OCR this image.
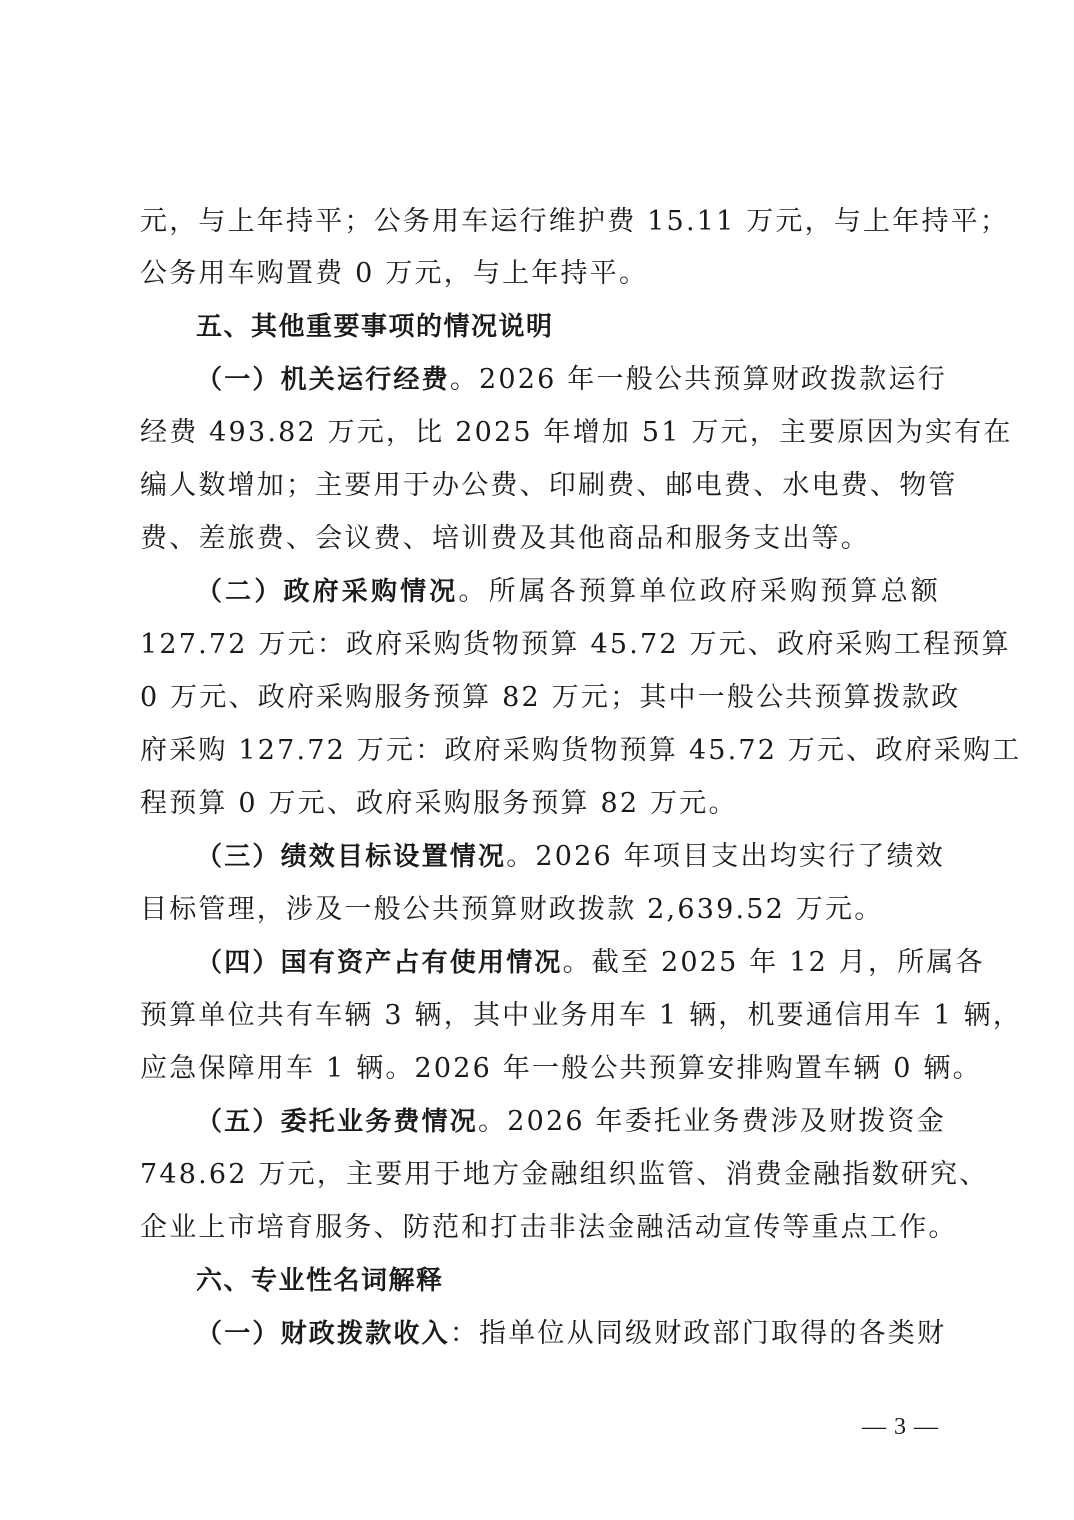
元，与上年持平；公务用车运行维护费 15.11 万元，与上年持平；
公务用车购置费 0 万元，与上年持平。
五、其他重要事项的情况说明
（一）机关运行经费。2026 年一般公共预算财政拨款运行
经费 493.82 万元，比 2025 年增加 51 万元，主要原因为实有在
编人数增加；主要用于办公费、印刷费、邮电费、水电费、物管
费、差旅费、会议费、培训费及其他商品和服务支出等。
（二）政府采购情况。所属各预算单位政府采购预算总额
127.72 万元：政府采购货物预算 45.72 万元、政府采购工程预算
0 万元、政府采购服务预算 82 万元；其中一般公共预算拨款政
府采购 127.72 万元：政府采购货物预算 45.72 万元、政府采购工
程预算 0 万元、政府采购服务预算 82 万元。
（三）绩效目标设置情况。2026 年项目支出均实行了绩效
目标管理，涉及一般公共预算财政拨款 2,639.52 万元。
（四）国有资产占有使用情况。截至 2025 年 12 月，所属各
预算单位共有车辆 3 辆，其中业务用车 1 辆，机要通信用车 1 辆，
应急保障用车 1 辆。2026 年一般公共预算安排购置车辆 0 辆。
（五）委托业务费情况。2026 年委托业务费涉及财拨资金
748.62 万元，主要用于地方金融组织监管、消费金融指数研究、
企业上市培育服务、防范和打击非法金融活动宣传等重点工作。
六、专业性名词解释
（一）财政拨款收入：指单位从同级财政部门取得的各类财
— 3 —
